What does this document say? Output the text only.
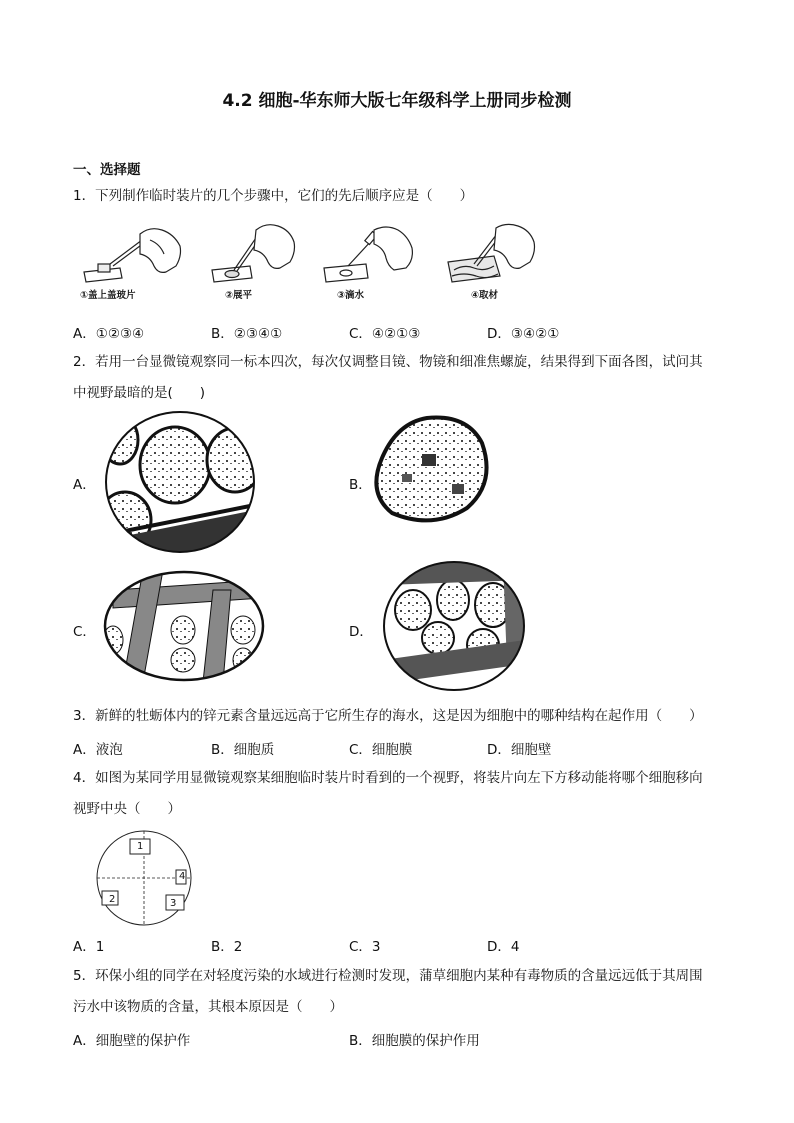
4.2 细胞-华东师大版七年级科学上册同步检测
一、选择题
1．下列制作临时装片的几个步骤中，它们的先后顺序应是（　　）
①盖上盖玻片	②展平	③滴水	④取材
A．①②③④	B．②③④①	C．④②①③	D．③④②①
2．若用一台显微镜观察同一标本四次，每次仅调整目镜、物镜和细准焦螺旋，结果得到下面各图，试问其
中视野最暗的是(　　)
A．	B．
C．	D．
3．新鲜的牡蛎体内的锌元素含量远远高于它所生存的海水，这是因为细胞中的哪种结构在起作用（　　）
A．液泡	B．细胞质	C．细胞膜	D．细胞壁
4．如图为某同学用显微镜观察某细胞临时装片时看到的一个视野，将装片向左下方移动能将哪个细胞移向
视野中央（　　）
1
2	3
4
A．1	B．2	C．3	D．4
5．环保小组的同学在对轻度污染的水域进行检测时发现，蒲草细胞内某种有毒物质的含量远远低于其周围
污水中该物质的含量，其根本原因是（　　）
A．细胞壁的保护作	B．细胞膜的保护作用
